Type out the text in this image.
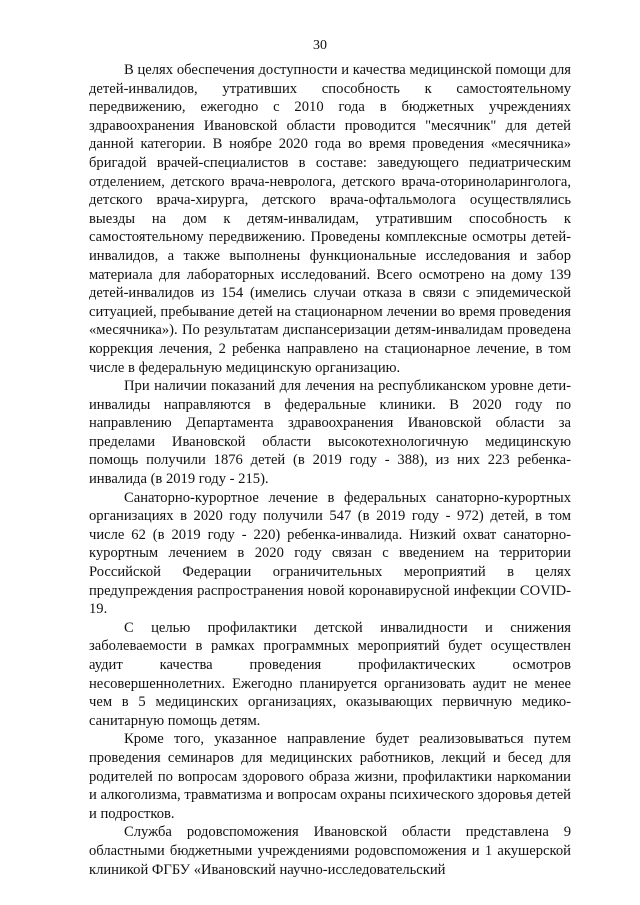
30

В целях обеспечения доступности и качества медицинской помощи для детей-инвалидов, утративших способность к самостоятельному передвижению, ежегодно с 2010 года в бюджетных учреждениях здравоохранения Ивановской области проводится "месячник" для детей данной категории. В ноябре 2020 года во время проведения «месячника» бригадой врачей-специалистов в составе: заведующего педиатрическим отделением, детского врача-невролога, детского врача-оториноларинголога, детского врача-хирурга, детского врача-офтальмолога осуществлялись выезды на дом к детям-инвалидам, утратившим способность к самостоятельному передвижению. Проведены комплексные осмотры детей-инвалидов, а также выполнены функциональные исследования и забор материала для лабораторных исследований. Всего осмотрено на дому 139 детей-инвалидов из 154 (имелись случаи отказа в связи с эпидемической ситуацией, пребывание детей на стационарном лечении во время проведения «месячника»). По результатам диспансеризации детям-инвалидам проведена коррекция лечения, 2 ребенка направлено на стационарное лечение, в том числе в федеральную медицинскую организацию.

При наличии показаний для лечения на республиканском уровне дети-инвалиды направляются в федеральные клиники. В 2020 году по направлению Департамента здравоохранения Ивановской области за пределами Ивановской области высокотехнологичную медицинскую помощь получили 1876 детей (в 2019 году - 388), из них 223 ребенка-инвалида (в 2019 году - 215).

Санаторно-курортное лечение в федеральных санаторно-курортных организациях в 2020 году получили 547 (в 2019 году - 972) детей, в том числе 62 (в 2019 году - 220) ребенка-инвалида. Низкий охват санаторно-курортным лечением в 2020 году связан с введением на территории Российской Федерации ограничительных мероприятий в целях предупреждения распространения новой коронавирусной инфекции COVID-19.

С целью профилактики детской инвалидности и снижения заболеваемости в рамках программных мероприятий будет осуществлен аудит качества проведения профилактических осмотров несовершеннолетних. Ежегодно планируется организовать аудит не менее чем в 5 медицинских организациях, оказывающих первичную медико-санитарную помощь детям.

Кроме того, указанное направление будет реализовываться путем проведения семинаров для медицинских работников, лекций и бесед для родителей по вопросам здорового образа жизни, профилактики наркомании и алкоголизма, травматизма и вопросам охраны психического здоровья детей и подростков.

Служба родовспоможения Ивановской области представлена 9 областными бюджетными учреждениями родовспоможения и 1 акушерской клиникой ФГБУ «Ивановский научно-исследовательский
